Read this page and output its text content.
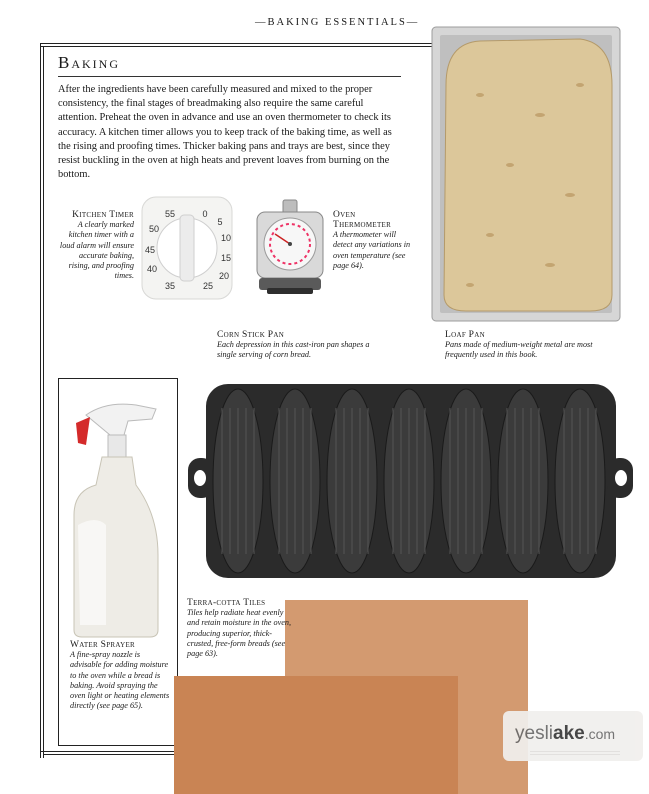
—BAKING ESSENTIALS—
Baking
After the ingredients have been carefully measured and mixed to the proper consistency, the final stages of breadmaking also require the same careful attention. Preheat the oven in advance and use an oven thermometer to check its accuracy. A kitchen timer allows you to keep track of the baking time, as well as the rising and proofing times. Thicker baking pans and trays are best, since they resist buckling in the oven at high heats and prevent loaves from burning on the bottom.
Kitchen Timer
A clearly marked kitchen timer with a loud alarm will ensure accurate baking, rising, and proofing times.
55	0
5
50
10
45
15
40
20
35	25
Oven Thermometer
A thermometer will detect any variations in oven temperature (see page 64).
Corn Stick Pan
Each depression in this cast-iron pan shapes a single serving of corn bread.
Loaf Pan
Pans made of medium-weight metal are most frequently used in this book.
Water Sprayer
A fine-spray nozzle is advisable for adding moisture to the oven while a bread is baking. Avoid spraying the oven light or heating elements directly (see page 65).
Terra-cotta Tiles
Tiles help radiate heat evenly and retain moisture in the oven, producing superior, thick-crusted, free-form breads (see page 63).
yesliake.com
